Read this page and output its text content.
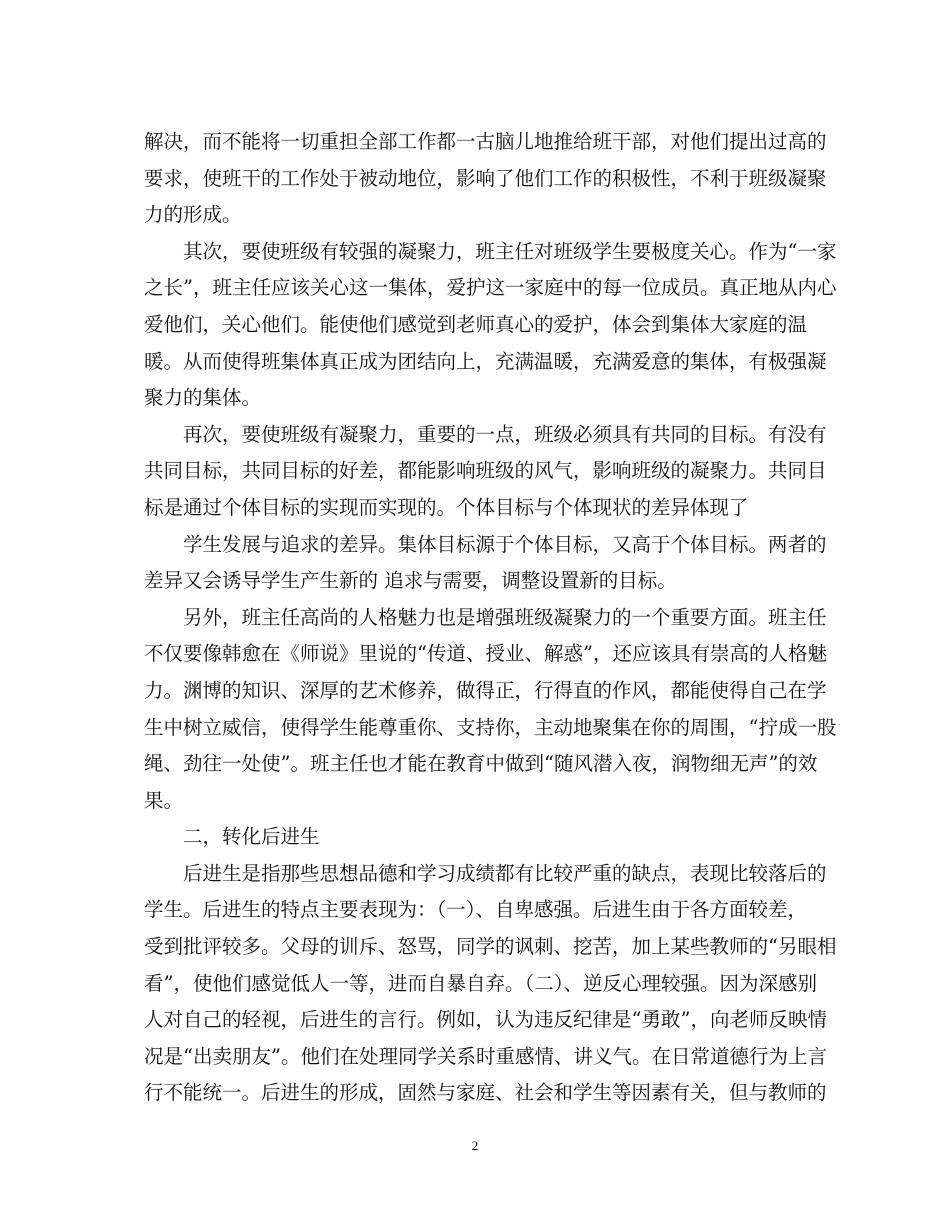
解决，而不能将一切重担全部工作都一古脑儿地推给班干部，对他们提出过高的
要求，使班干的工作处于被动地位，影响了他们工作的积极性，不利于班级凝聚
力的形成。
其次，要使班级有较强的凝聚力，班主任对班级学生要极度关心。作为“一家
之长”，班主任应该关心这一集体，爱护这一家庭中的每一位成员。真正地从内心
爱他们，关心他们。能使他们感觉到老师真心的爱护，体会到集体大家庭的温
暖。从而使得班集体真正成为团结向上，充满温暖，充满爱意的集体，有极强凝
聚力的集体。
再次，要使班级有凝聚力，重要的一点，班级必须具有共同的目标。有没有
共同目标，共同目标的好差，都能影响班级的风气，影响班级的凝聚力。共同目
标是通过个体目标的实现而实现的。个体目标与个体现状的差异体现了
学生发展与追求的差异。集体目标源于个体目标，又高于个体目标。两者的
差异又会诱导学生产生新的 追求与需要，调整设置新的目标。
另外，班主任高尚的人格魅力也是增强班级凝聚力的一个重要方面。班主任
不仅要像韩愈在《师说》里说的“传道、授业、解惑”，还应该具有崇高的人格魅
力。渊博的知识、深厚的艺术修养，做得正，行得直的作风，都能使得自己在学
生中树立威信，使得学生能尊重你、支持你，主动地聚集在你的周围，“拧成一股
绳、劲往一处使”。班主任也才能在教育中做到“随风潜入夜，润物细无声”的效
果。
二，转化后进生
后进生是指那些思想品德和学习成绩都有比较严重的缺点，表现比较落后的
学生。后进生的特点主要表现为：（一）、自卑感强。后进生由于各方面较差，
受到批评较多。父母的训斥、怒骂，同学的讽刺、挖苦，加上某些教师的“另眼相
看”，使他们感觉低人一等，进而自暴自弃。（二）、逆反心理较强。因为深感别
人对自己的轻视，后进生的言行。例如，认为违反纪律是“勇敢”，向老师反映情
况是“出卖朋友”。他们在处理同学关系时重感情、讲义气。在日常道德行为上言
行不能统一。后进生的形成，固然与家庭、社会和学生等因素有关，但与教师的
2
